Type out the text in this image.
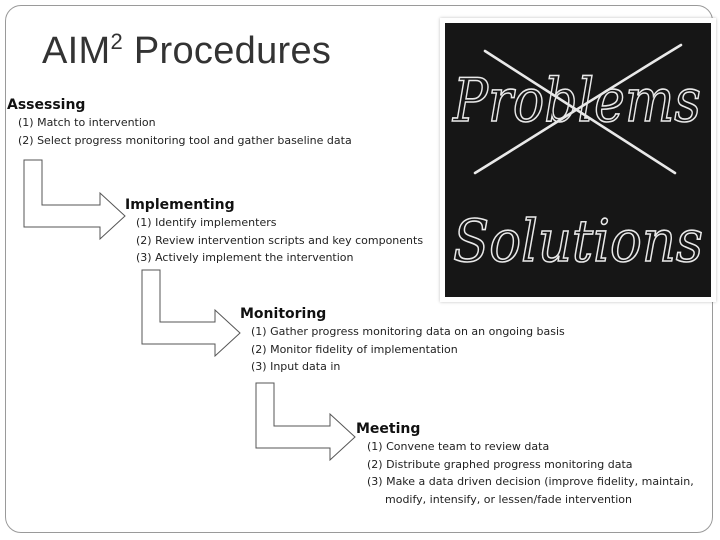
AIM$^2$ Procedures
Problems
Solutions
Assessing
(1) Match to intervention
(2) Select progress monitoring tool and gather baseline data
Implementing
(1) Identify implementers
(2) Review intervention scripts and key components
(3) Actively implement the intervention
Monitoring
(1) Gather progress monitoring data on an ongoing basis
(2) Monitor fidelity of implementation
(3) Input data in
Meeting
(1) Convene team to review data
(2) Distribute graphed progress monitoring data
(3) Make a data driven decision (improve fidelity, maintain,
modify, intensify, or lessen/fade intervention
